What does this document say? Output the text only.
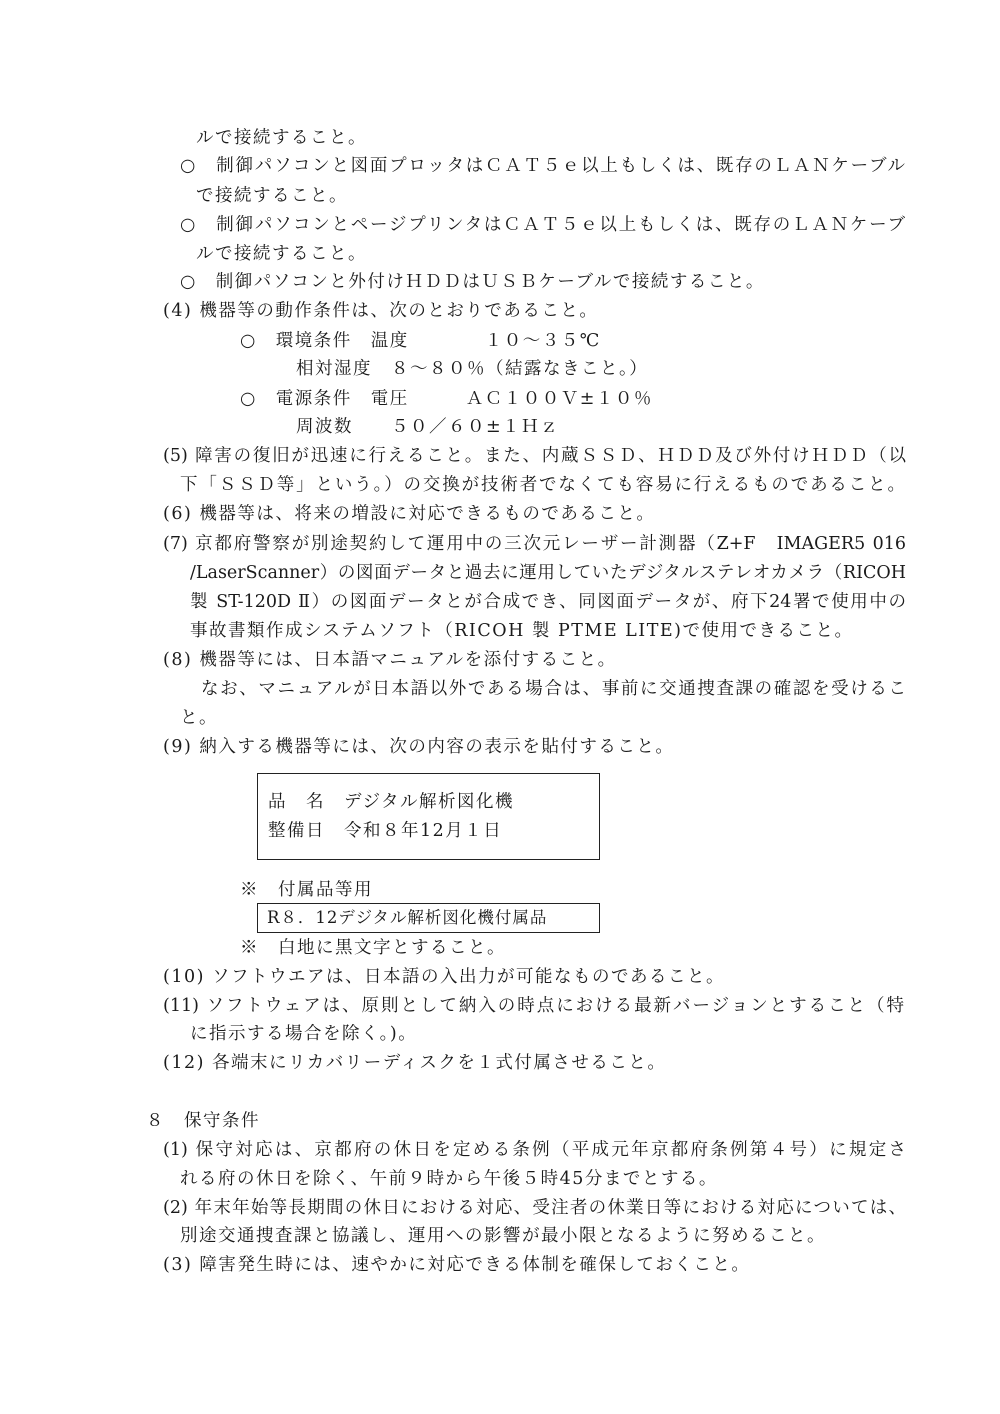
ルで接続すること。
○　制御パソコンと図面プロッタはＣＡＴ５ｅ以上もしくは、既存のＬＡＮケーブル
で接続すること。
○　制御パソコンとページプリンタはＣＡＴ５ｅ以上もしくは、既存のＬＡＮケーブ
ルで接続すること。
○　制御パソコンと外付けＨＤＤはＵＳＢケーブルで接続すること。
(4) 機器等の動作条件は、次のとおりであること。
○　環境条件　温度　　　　１０～３５℃
相対湿度　８～８０％（結露なきこと。）
○　電源条件　電圧　　　ＡＣ１００Ｖ±１０％
周波数　　５０／６０±１Ｈｚ
(5) 障害の復旧が迅速に行えること。また、内蔵ＳＳＤ、ＨＤＤ及び外付けＨＤＤ（以
下「ＳＳＤ等」という。）の交換が技術者でなくても容易に行えるものであること。
(6) 機器等は、将来の増設に対応できるものであること。
(7) 京都府警察が別途契約して運用中の三次元レーザー計測器（Z+F　IMAGER5 016
/LaserScanner）の図面データと過去に運用していたデジタルステレオカメラ（RICOH
製 ST-120D Ⅱ）の図面データとが合成でき、同図面データが、府下24署で使用中の
事故書類作成システムソフト（RICOH 製 PTME LITE)で使用できること。
(8) 機器等には、日本語マニュアルを添付すること。
なお、マニュアルが日本語以外である場合は、事前に交通捜査課の確認を受けるこ
と。
(9) 納入する機器等には、次の内容の表示を貼付すること。
品　名　デジタル解析図化機
整備日　令和８年12月１日
※　付属品等用
R８．12デジタル解析図化機付属品
※　白地に黒文字とすること。
(10) ソフトウエアは、日本語の入出力が可能なものであること。
(11) ソフトウェアは、原則として納入の時点における最新バージョンとすること（特
に指示する場合を除く。)。
(12) 各端末にリカバリーディスクを１式付属させること。
８　保守条件
(1) 保守対応は、京都府の休日を定める条例（平成元年京都府条例第４号）に規定さ
れる府の休日を除く、午前９時から午後５時45分までとする。
(2) 年末年始等長期間の休日における対応、受注者の休業日等における対応については、
別途交通捜査課と協議し、運用への影響が最小限となるように努めること。
(3) 障害発生時には、速やかに対応できる体制を確保しておくこと。
